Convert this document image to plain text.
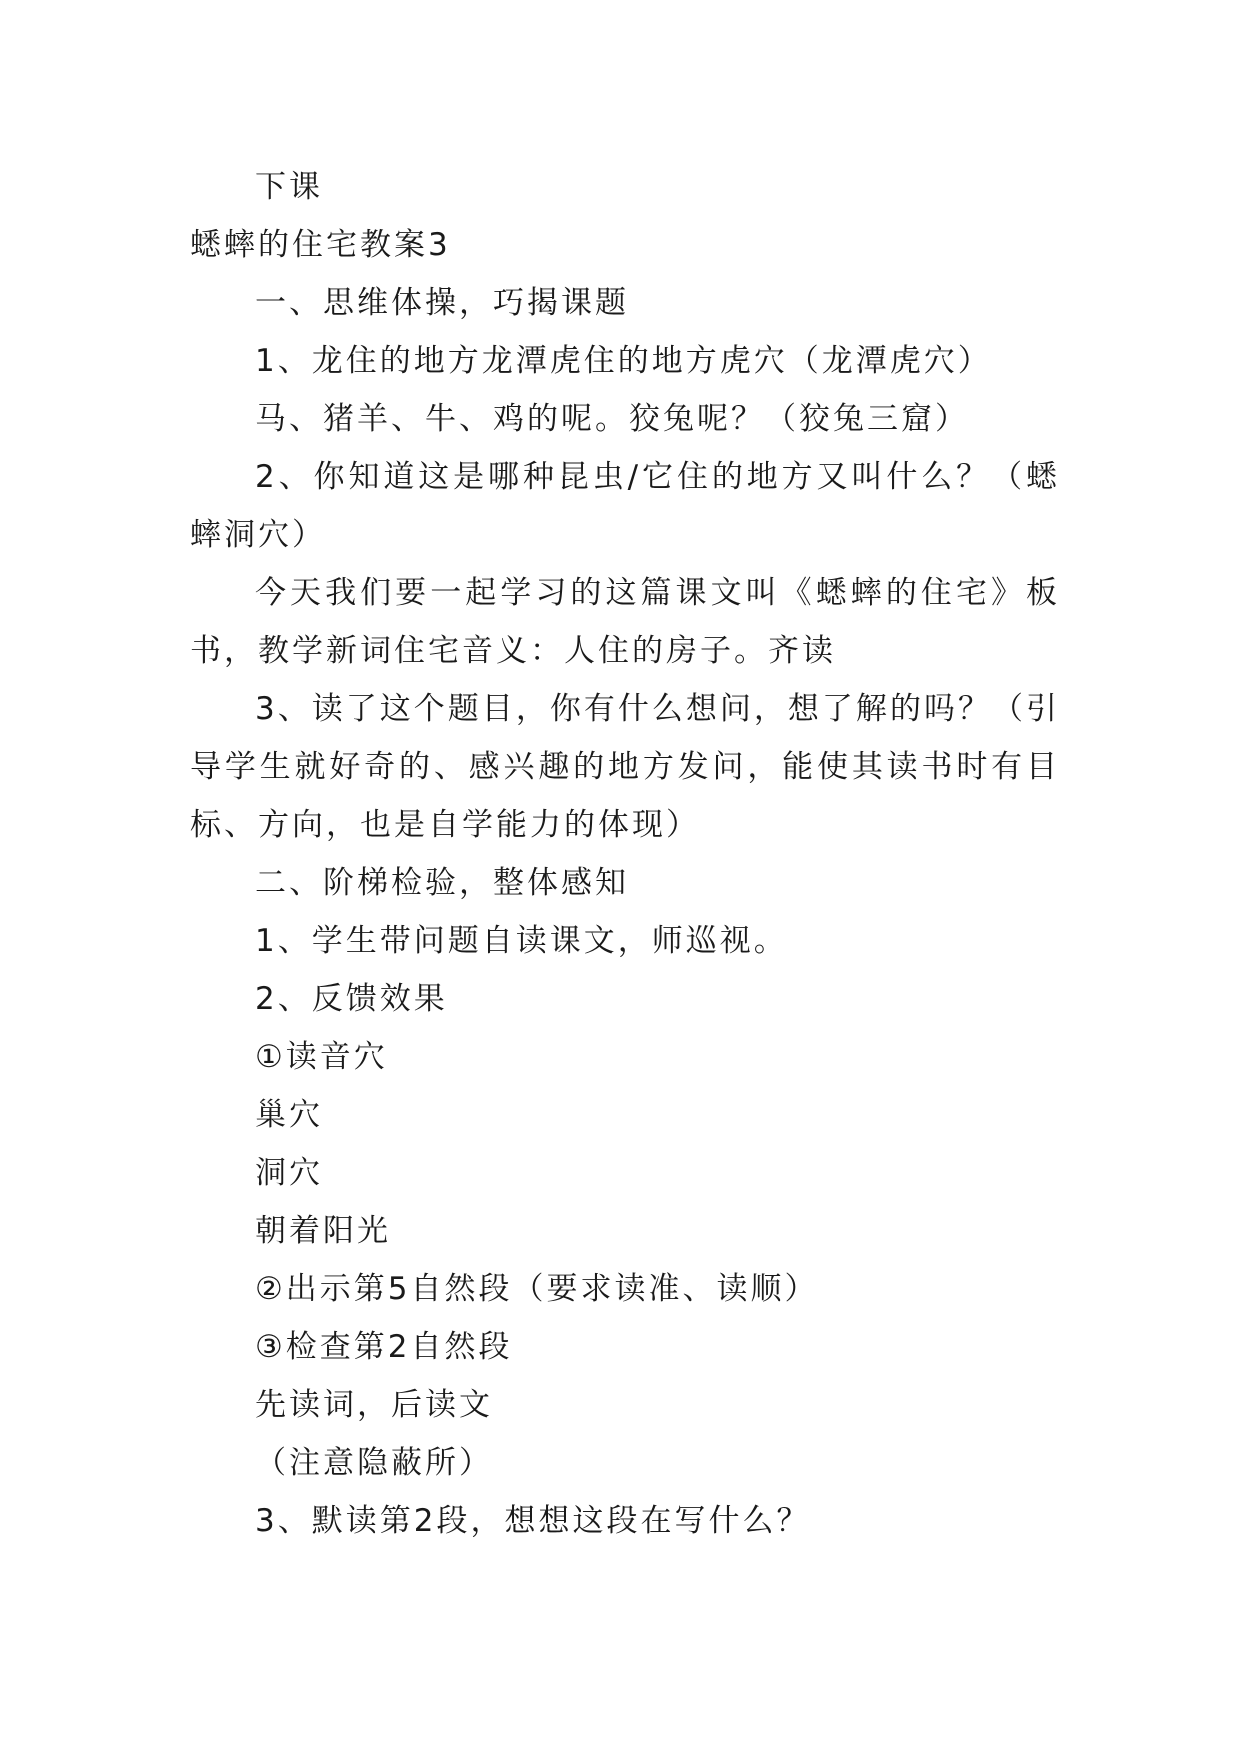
下课
蟋蟀的住宅教案3
一、思维体操，巧揭课题
1、龙住的地方龙潭虎住的地方虎穴（龙潭虎穴）
马、猪羊、牛、鸡的呢。狡兔呢？（狡兔三窟）
2、你知道这是哪种昆虫/它住的地方又叫什么？（蟋蟀洞穴）
今天我们要一起学习的这篇课文叫《蟋蟀的住宅》板书，教学新词住宅音义：人住的房子。齐读
3、读了这个题目，你有什么想问，想了解的吗？（引导学生就好奇的、感兴趣的地方发问，能使其读书时有目标、方向，也是自学能力的体现）
二、阶梯检验，整体感知
1、学生带问题自读课文，师巡视。
2、反馈效果
①读音穴
巢穴
洞穴
朝着阳光
②出示第5自然段（要求读准、读顺）
③检查第2自然段
先读词，后读文
（注意隐蔽所）
3、默读第2段，想想这段在写什么？
